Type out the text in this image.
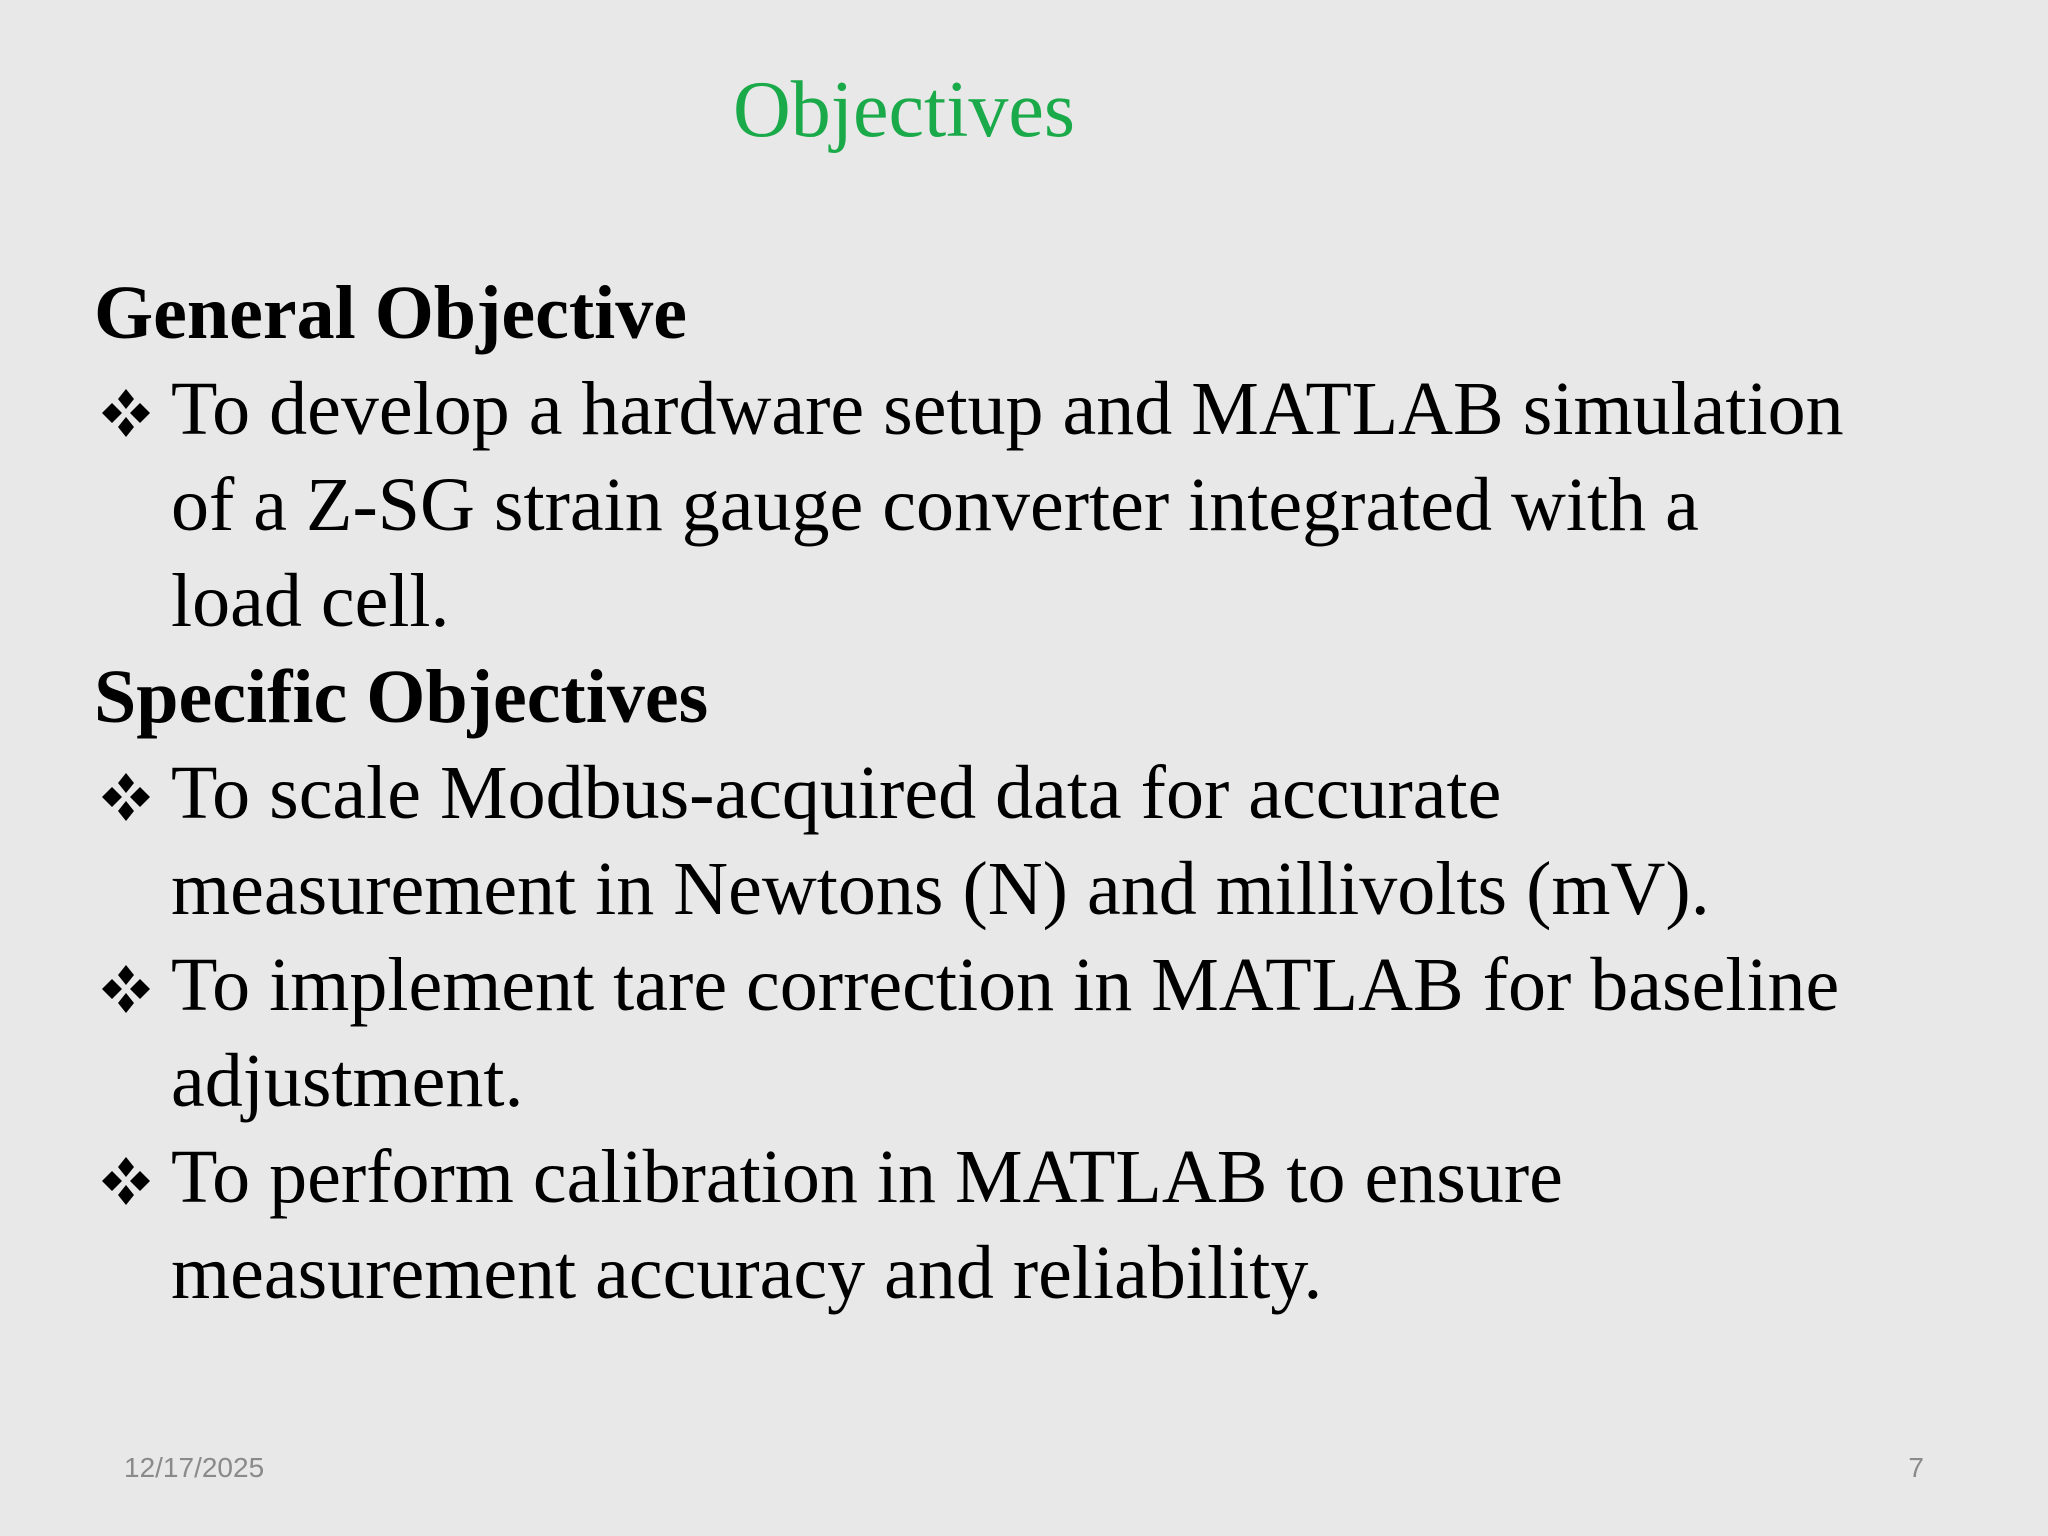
Objectives
General Objective
To develop a hardware setup and MATLAB simulation
of a Z-SG strain gauge converter integrated with a
load cell.
Specific Objectives
To scale Modbus-acquired data for accurate
measurement in Newtons (N) and millivolts (mV).
To implement tare correction in MATLAB for baseline
adjustment.
To perform calibration in MATLAB to ensure
measurement accuracy and reliability.
12/17/2025	7
